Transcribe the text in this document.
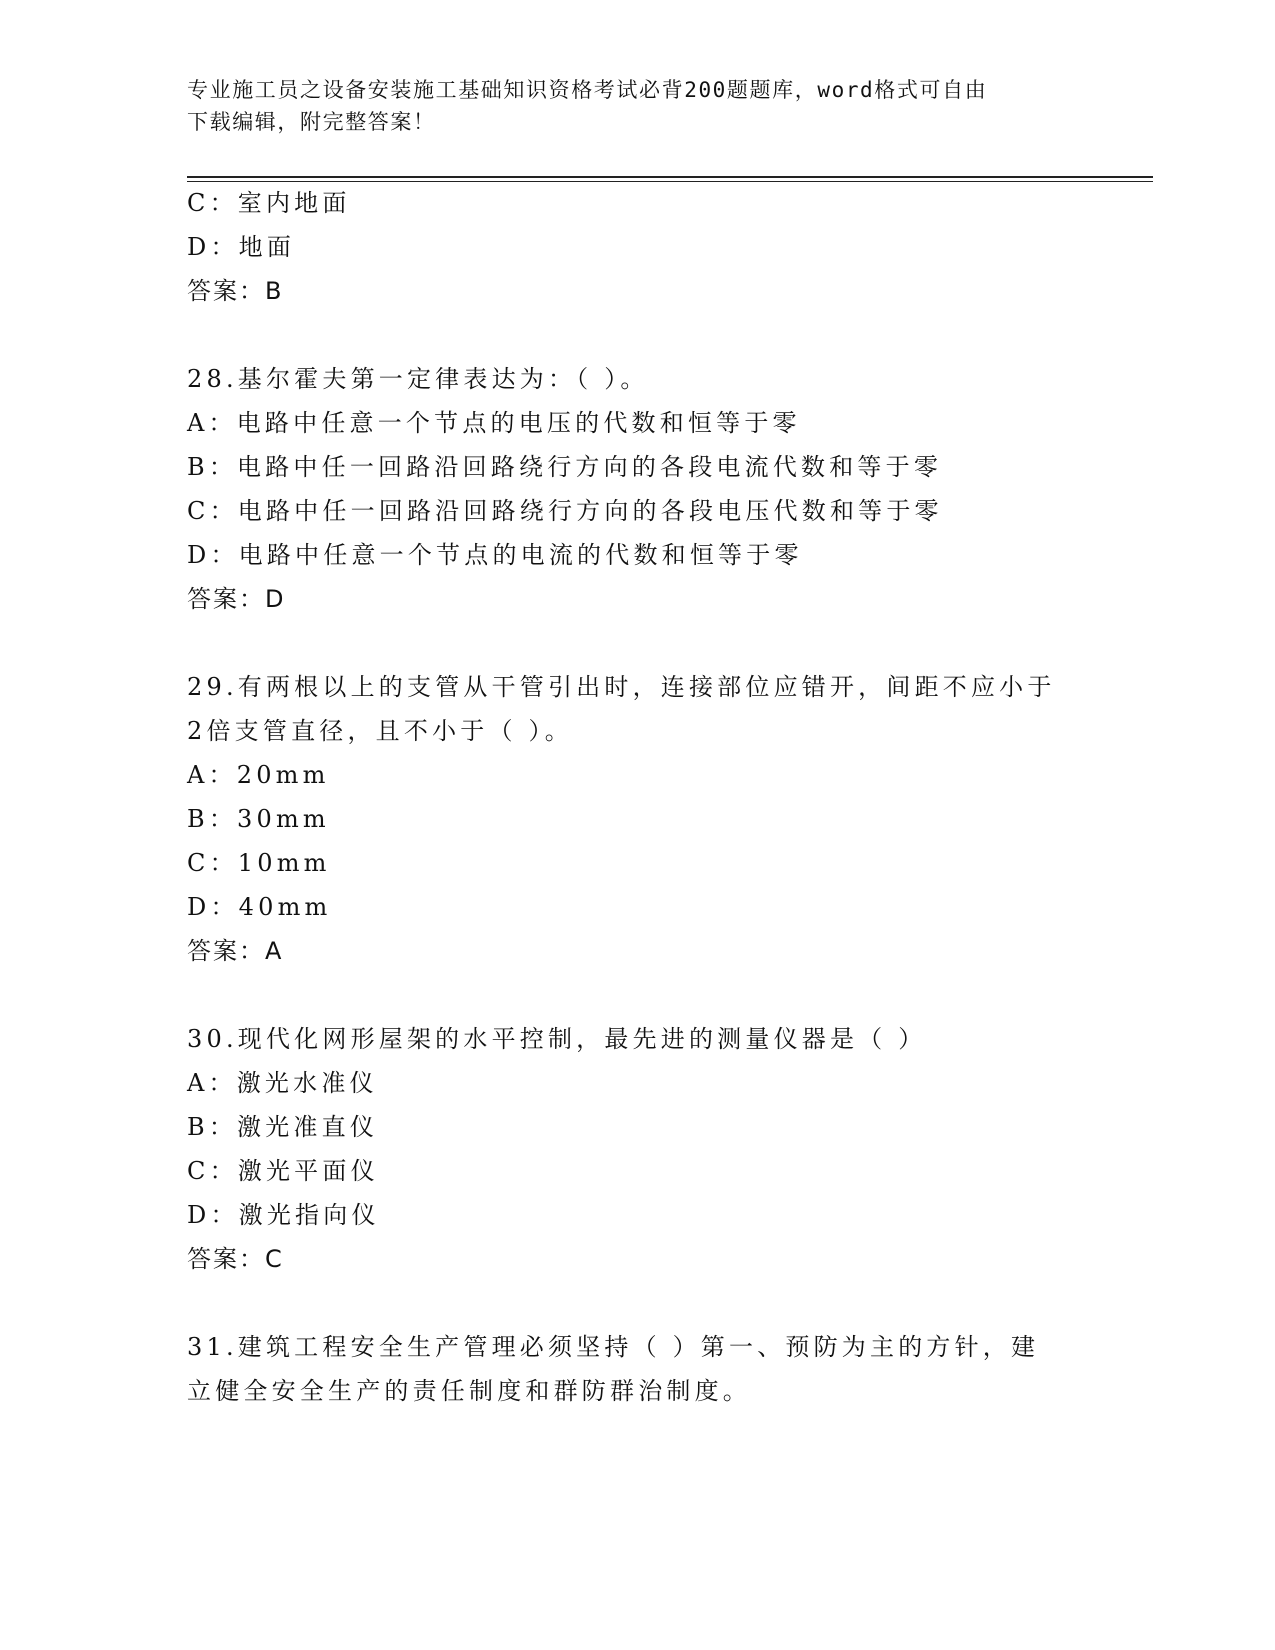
专业施工员之设备安装施工基础知识资格考试必背200题题库，word格式可自由
下载编辑，附完整答案！
C：室内地面
D：地面
答案：B
28.基尔霍夫第一定律表达为：（ ）。
A：电路中任意一个节点的电压的代数和恒等于零
B：电路中任一回路沿回路绕行方向的各段电流代数和等于零
C：电路中任一回路沿回路绕行方向的各段电压代数和等于零
D：电路中任意一个节点的电流的代数和恒等于零
答案：D
29.有两根以上的支管从干管引出时，连接部位应错开，间距不应小于
2倍支管直径，且不小于（ ）。
A：20mm
B：30mm
C：10mm
D：40mm
答案：A
30.现代化网形屋架的水平控制，最先进的测量仪器是（ ）
A：激光水准仪
B：激光准直仪
C：激光平面仪
D：激光指向仪
答案：C
31.建筑工程安全生产管理必须坚持（ ）第一、预防为主的方针，建
立健全安全生产的责任制度和群防群治制度。
